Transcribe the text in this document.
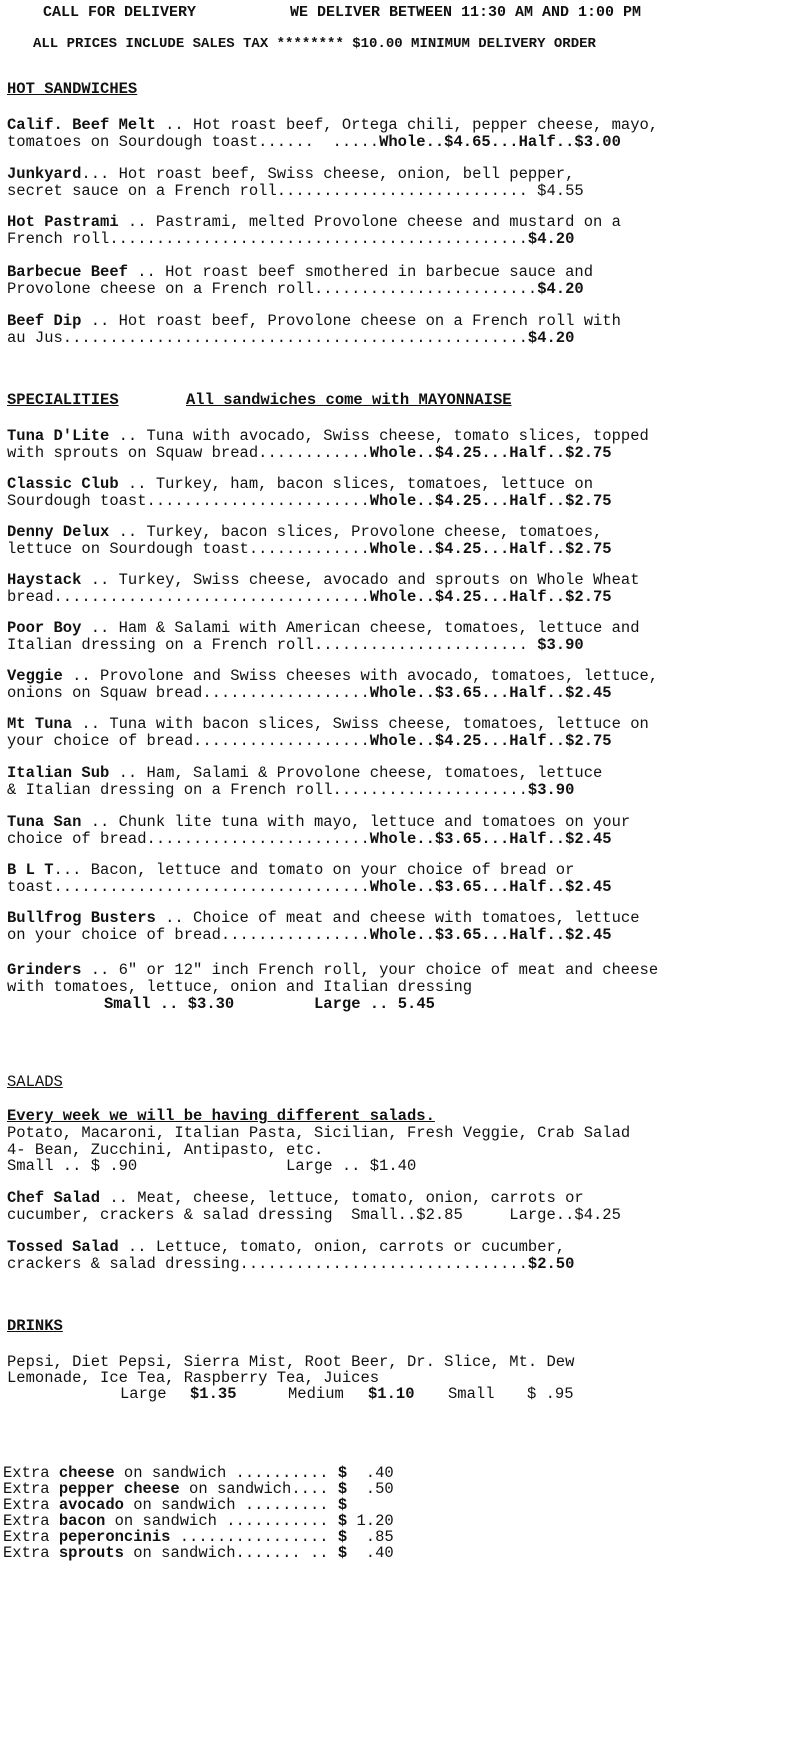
CALL FOR DELIVERY	WE DELIVER BETWEEN 11:30 AM AND 1:00 PM
ALL PRICES INCLUDE SALES TAX ******** $10.00 MINIMUM DELIVERY ORDER
HOT SANDWICHES
Calif. Beef Melt .. Hot roast beef, Ortega chili, pepper cheese, mayo,
tomatoes on Sourdough toast......  .....Whole..$4.65...Half..$3.00
Junkyard... Hot roast beef, Swiss cheese, onion, bell pepper,
secret sauce on a French roll........................... $4.55
Hot Pastrami .. Pastrami, melted Provolone cheese and mustard on a
French roll.............................................$4.20
Barbecue Beef .. Hot roast beef smothered in barbecue sauce and
Provolone cheese on a French roll........................$4.20
Beef Dip .. Hot roast beef, Provolone cheese on a French roll with
au Jus..................................................$4.20
SPECIALITIES	All sandwiches come with MAYONNAISE
Tuna D'Lite .. Tuna with avocado, Swiss cheese, tomato slices, topped
with sprouts on Squaw bread............Whole..$4.25...Half..$2.75
Classic Club .. Turkey, ham, bacon slices, tomatoes, lettuce on
Sourdough toast........................Whole..$4.25...Half..$2.75
Denny Delux .. Turkey, bacon slices, Provolone cheese, tomatoes,
lettuce on Sourdough toast.............Whole..$4.25...Half..$2.75
Haystack .. Turkey, Swiss cheese, avocado and sprouts on Whole Wheat
bread..................................Whole..$4.25...Half..$2.75
Poor Boy .. Ham & Salami with American cheese, tomatoes, lettuce and
Italian dressing on a French roll....................... $3.90
Veggie .. Provolone and Swiss cheeses with avocado, tomatoes, lettuce,
onions on Squaw bread..................Whole..$3.65...Half..$2.45
Mt Tuna .. Tuna with bacon slices, Swiss cheese, tomatoes, lettuce on
your choice of bread...................Whole..$4.25...Half..$2.75
Italian Sub .. Ham, Salami & Provolone cheese, tomatoes, lettuce
& Italian dressing on a French roll.....................$3.90
Tuna San .. Chunk lite tuna with mayo, lettuce and tomatoes on your
choice of bread........................Whole..$3.65...Half..$2.45
B L T... Bacon, lettuce and tomato on your choice of bread or
toast..................................Whole..$3.65...Half..$2.45
Bullfrog Busters .. Choice of meat and cheese with tomatoes, lettuce
on your choice of bread................Whole..$3.65...Half..$2.45
Grinders .. 6" or 12" inch French roll, your choice of meat and cheese
with tomatoes, lettuce, onion and Italian dressing
Small .. $3.30	Large .. 5.45
SALADS
Every week we will be having different salads.
Potato, Macaroni, Italian Pasta, Sicilian, Fresh Veggie, Crab Salad
4- Bean, Zucchini, Antipasto, etc.
Small .. $ .90                Large .. $1.40
Chef Salad .. Meat, cheese, lettuce, tomato, onion, carrots or
cucumber, crackers & salad dressing  Small..$2.85     Large..$4.25
Tossed Salad .. Lettuce, tomato, onion, carrots or cucumber,
crackers & salad dressing...............................$2.50
DRINKS
Pepsi, Diet Pepsi, Sierra Mist, Root Beer, Dr. Slice, Mt. Dew
Lemonade, Ice Tea, Raspberry Tea, Juices
Large $1.35	Medium $1.10 Small $ .95
Extra cheese on sandwich .......... $  .40
Extra pepper cheese on sandwich.... $  .50
Extra avocado on sandwich ......... $
Extra bacon on sandwich ........... $ 1.20
Extra peperoncinis ................ $  .85
Extra sprouts on sandwich....... .. $  .40
